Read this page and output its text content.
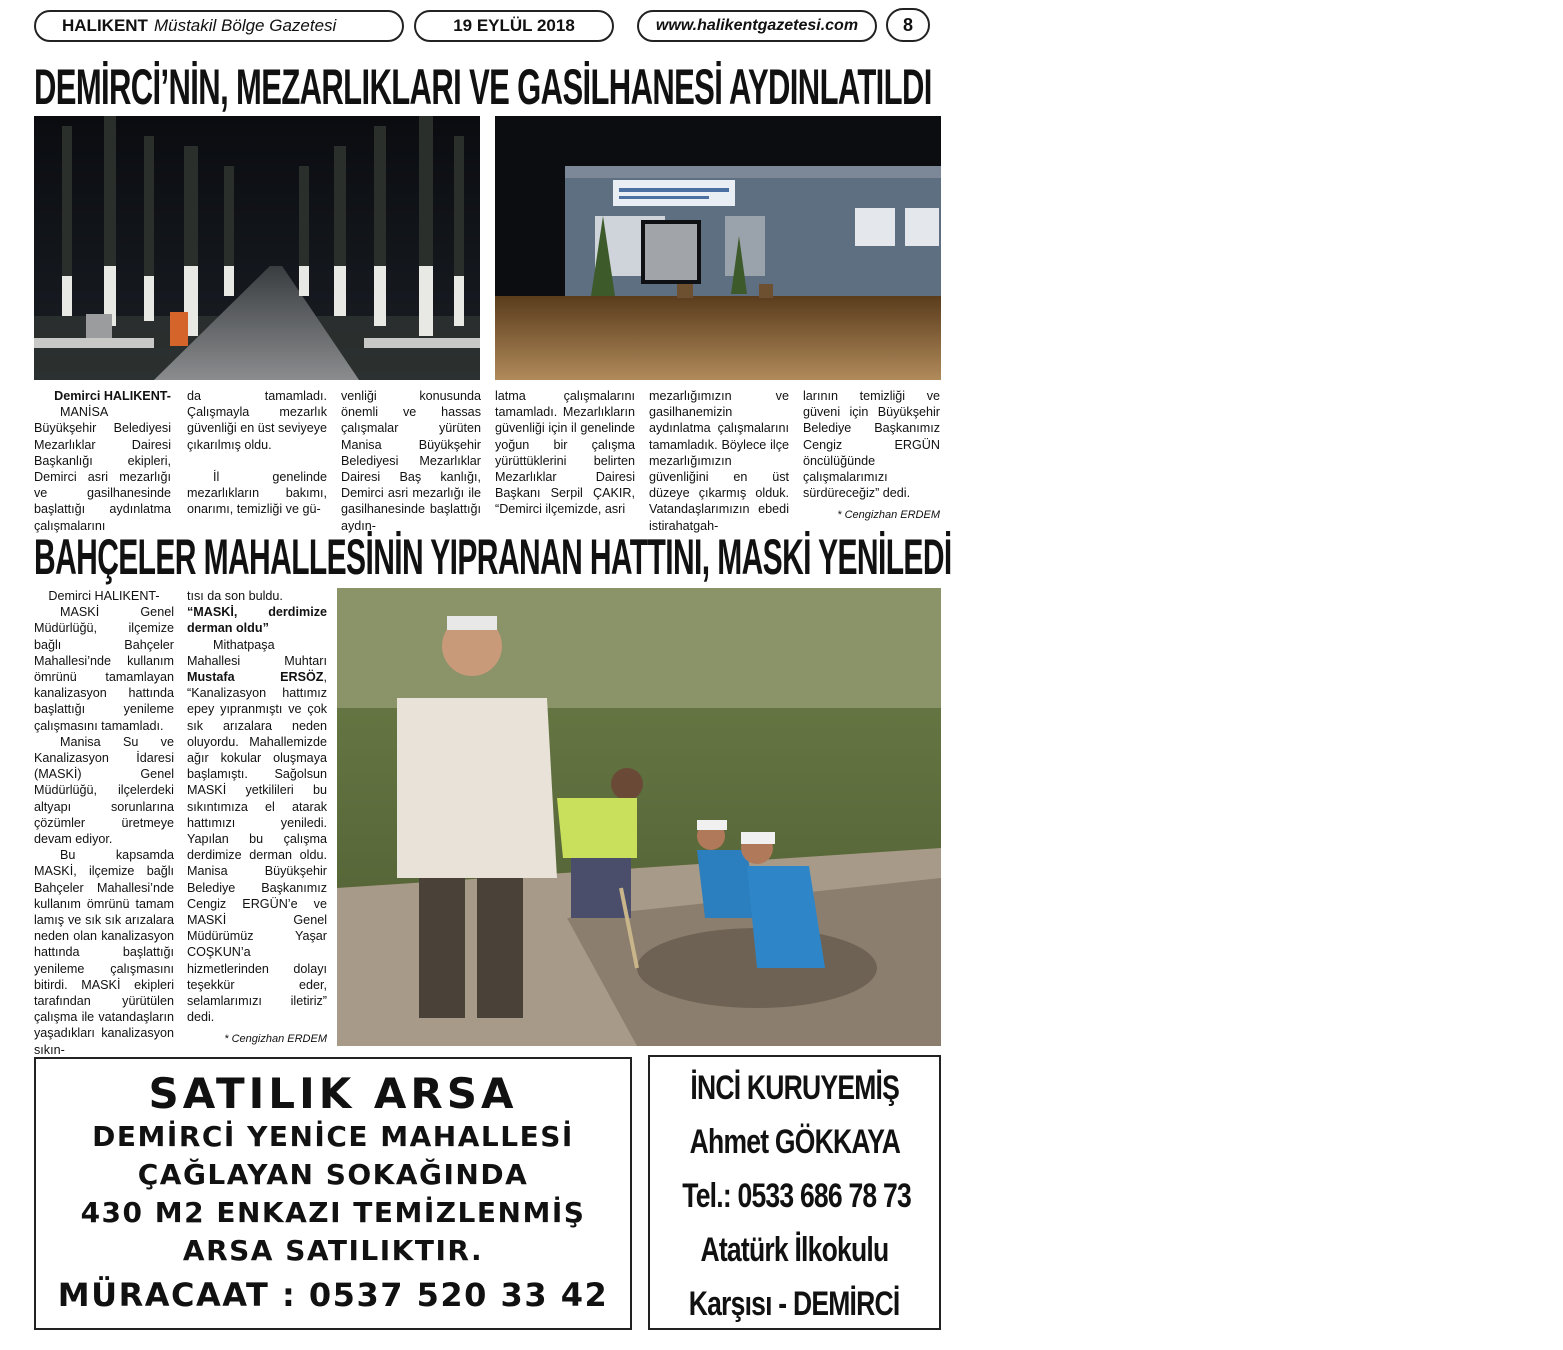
HALIKENT Müstakil Bölge Gazetesi	19 EYLÜL 2018	www.halikentgazetesi.com	8
DEMİRCİ’NİN, MEZARLIKLARI VE GASİLHANESİ AYDINLATILDI

Demirci HALIKENT-

MANİSA Büyükşehir Belediyesi Mezarlıklar Dairesi Başkanlığı ekipleri, Demirci asri mezarlığı ve gasilhanesinde başlattığı aydınlatma çalışmalarını

da tamamladı. Çalışmayla mezarlık güvenliği en üst seviyeye çıkarılmış oldu.

İl genelinde mezarlıkların bakımı, onarımı, temizliği ve gü-

venliği konusunda önemli ve hassas çalışmalar yürüten Manisa Büyükşehir Belediyesi Mezarlıklar Dairesi Baş kanlığı, Demirci asri mezarlığı ile gasilhanesinde başlattığı aydın-

latma çalışmalarını tamamladı. Mezarlıkların güvenliği için il genelinde yoğun bir çalışma yürüttüklerini belirten Mezarlıklar Dairesi Başkanı Serpil ÇAKIR, “Demirci ilçemizde, asri

mezarlığımızın ve gasilhanemizin aydınlatma çalışmalarını tamamladık. Böylece ilçe mezarlığımızın güvenliğini en üst düzeye çıkarmış olduk. Vatandaşlarımızın ebedi istirahatgah-

larının temizliği ve güveni için Büyükşehir Belediye Başkanımız Cengiz ERGÜN öncülüğünde çalışmalarımızı sürdüreceğiz” dedi.

* Cengizhan ERDEM
BAHÇELER MAHALLESİNİN YIPRANAN HATTINI, MASKİ YENİLEDİ

Demirci HALIKENT-

MASKİ Genel Müdürlüğü, ilçemize bağlı Bahçeler Mahallesi’nde kullanım ömrünü tamamlayan kanalizasyon hattında başlattığı yenileme çalışmasını tamamladı.

Manisa Su ve Kanalizasyon İdaresi (MASKİ) Genel Müdürlüğü, ilçelerdeki altyapı sorunlarına çözümler üretmeye devam ediyor.

Bu kapsamda MASKİ, ilçemize bağlı Bahçeler Mahallesi’nde kullanım ömrünü tamam lamış ve sık sık arızalara neden olan kanalizasyon hattında başlattığı yenileme çalışmasını bitirdi. MASKİ ekipleri tarafından yürütülen çalışma ile vatandaşların yaşadıkları kanalizasyon sıkın-

tısı da son buldu.

“MASKİ, derdimize derman oldu”

Mithatpaşa Mahallesi Muhtarı Mustafa ERSÖZ, “Kanalizasyon hattımız epey yıpranmıştı ve çok sık arızalara neden oluyordu. Mahallemizde ağır kokular oluşmaya başlamıştı. Sağolsun MASKİ yetkilileri bu sıkıntımıza el atarak hattımızı yeniledi. Yapılan bu çalışma derdimize derman oldu. Manisa Büyükşehir Belediye Başkanımız Cengiz ERGÜN’e ve MASKİ Genel Müdürümüz Yaşar COŞKUN’a hizmetlerinden dolayı teşekkür eder, selamlarımızı iletiriz” dedi.

* Cengizhan ERDEM
SATILIK ARSA
DEMİRCİ YENİCE MAHALLESİ
ÇAĞLAYAN SOKAĞINDA
430 M2 ENKAZI TEMİZLENMİŞ
ARSA SATILIKTIR.
MÜRACAAT : 0537 520 33 42
İNCİ KURUYEMİŞ
Ahmet GÖKKAYA
Tel.: 0533 686 78 73
Atatürk İlkokulu
Karşısı - DEMİRCİ
